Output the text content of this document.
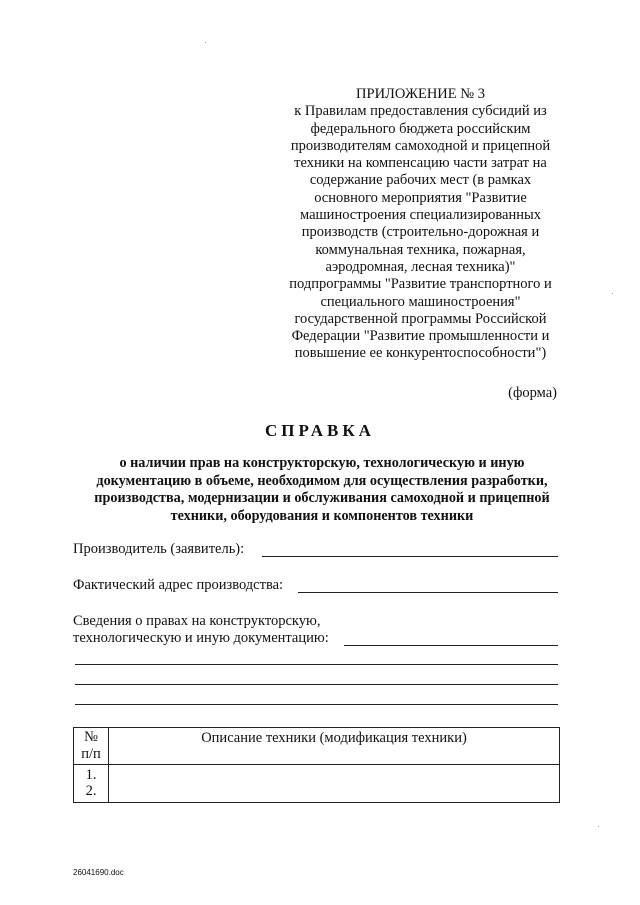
ПРИЛОЖЕНИЕ № 3
к Правилам предоставления субсидий из
федерального бюджета российским
производителям самоходной и прицепной
техники на компенсацию части затрат на
содержание рабочих мест (в рамках
основного мероприятия "Развитие
машиностроения специализированных
производств (строительно-дорожная и
коммунальная техника, пожарная,
аэродромная, лесная техника)"
подпрограммы "Развитие транспортного и
специального машиностроения"
государственной программы Российской
Федерации "Развитие промышленности и
повышение ее конкурентоспособности")
(форма)
СПРАВКА
о наличии прав на конструкторскую, технологическую и иную
документацию в объеме, необходимом для осуществления разработки,
производства, модернизации и обслуживания самоходной и прицепной
техники, оборудования и компонентов техники
Производитель (заявитель):
Фактический адрес производства:
Сведения о правах на конструкторскую,
технологическую и иную документацию:
№
п/п	Описание техники (модификация техники)

1.
2.	

26041690.doc
